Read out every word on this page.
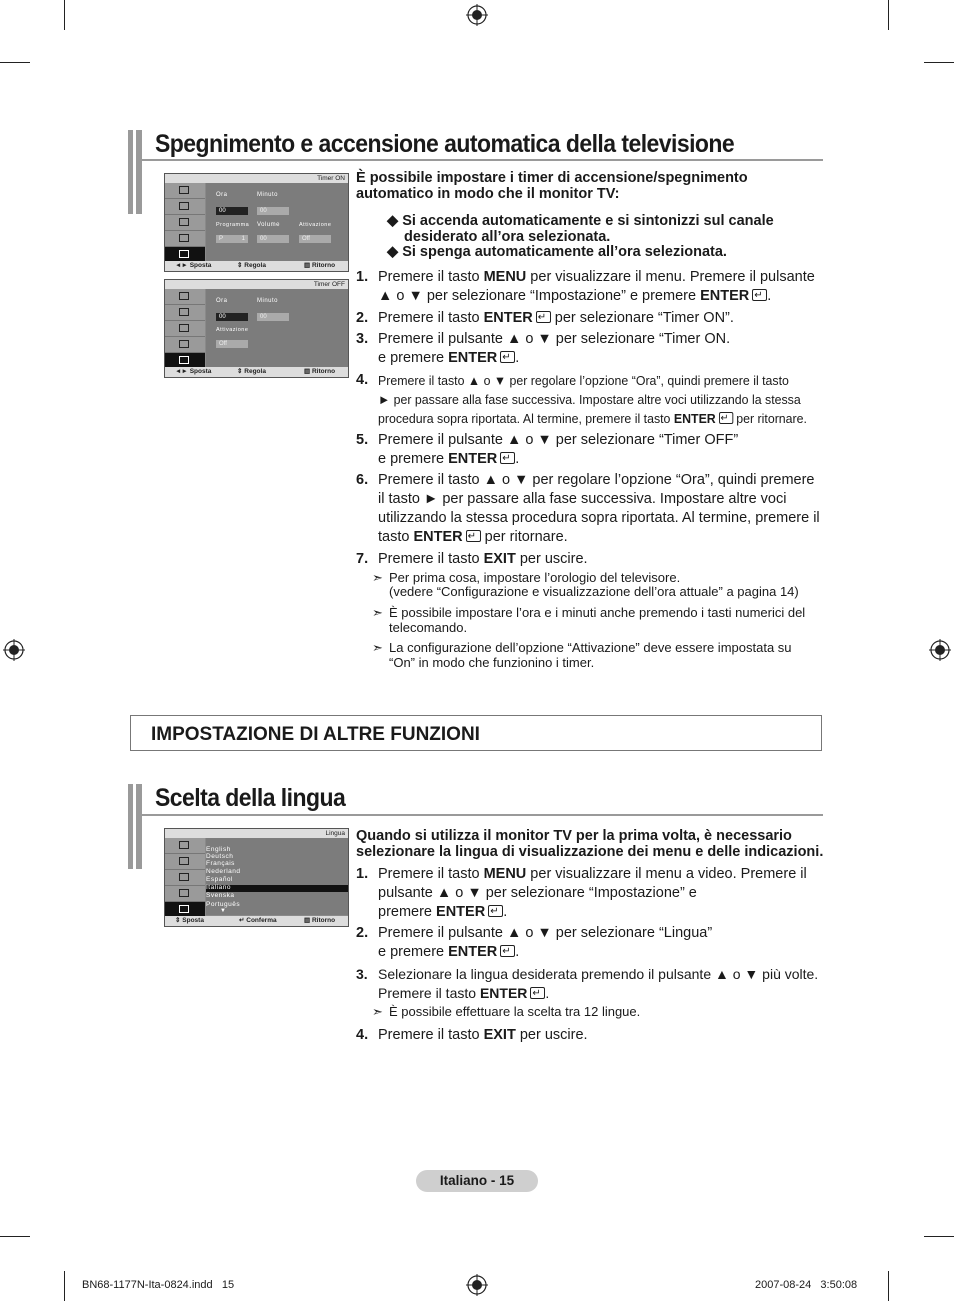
Spegnimento e accensione automatica della televisione
Timer ON
Ora	Minuto
00	00
Programma Volume	Attivazione
P	1	00	Off
◄► Sposta	⇕ Regola	▥ Ritorno
Timer OFF
Ora	Minuto
00	00
Attivazione
Off
◄► Sposta	⇕ Regola	▥ Ritorno
È possibile impostare i timer di accensione/spegnimento
automatico in modo che il monitor TV:
◆ Si accenda automaticamente e si sintonizzi sul canale
desiderato all’ora selezionata.
◆ Si spenga automaticamente all’ora selezionata.
1. Premere il tasto MENU per visualizzare il menu. Premere il pulsante
▲ o ▼ per selezionare “Impostazione” e premere ENTER ↵ .
2. Premere il tasto ENTER↵ per selezionare “Timer ON”.
3. Premere il pulsante ▲ o ▼ per selezionare “Timer ON.
e premere ENTER ↵ .
4. Premere il tasto ▲ o ▼ per regolare l’opzione “Ora”, quindi premere il tasto
► per passare alla fase successiva. Impostare altre voci utilizzando la stessa
procedura sopra riportata. Al termine, premere il tasto ENTER↵ per ritornare.
5. Premere il pulsante ▲ o ▼ per selezionare “Timer OFF”
e premere ENTER ↵ .
6. Premere il tasto ▲ o ▼ per regolare l’opzione “Ora”, quindi premere
il tasto ► per passare alla fase successiva. Impostare altre voci
utilizzando la stessa procedura sopra riportata. Al termine, premere il
tasto ENTER↵ per ritornare.
7. Premere il tasto EXIT per uscire.
➣ Per prima cosa, impostare l’orologio del televisore.
(vedere “Configurazione e visualizzazione dell’ora attuale” a pagina 14)
➣ È possibile impostare l’ora e i minuti anche premendo i tasti numerici del
telecomando.
➣ La configurazione dell’opzione “Attivazione” deve essere impostata su
“On” in modo che funzionino i timer.
IMPOSTAZIONE DI ALTRE FUNZIONI
Scelta della lingua
Lingua
English
Deutsch
Français
Nederland
Español
Italiano
Svenska
Português
▼
⇕ Sposta	↵ Conferma	▥ Ritorno
Quando si utilizza il monitor TV per la prima volta, è necessario
selezionare la lingua di visualizzazione dei menu e delle indicazioni.
1. Premere il tasto MENU per visualizzare il menu a video. Premere il
pulsante ▲ o ▼ per selezionare “Impostazione” e
premere ENTER ↵ .
2. Premere il pulsante ▲ o ▼ per selezionare “Lingua”
e premere ENTER ↵ .
3. Selezionare la lingua desiderata premendo il pulsante ▲ o ▼ più volte.
Premere il tasto ENTER ↵ .
➣ È possibile effettuare la scelta tra 12 lingue.
4. Premere il tasto EXIT per uscire.
Italiano - 15
BN68-1177N-Ita-0824.indd   15	2007-08-24   3:50:08
